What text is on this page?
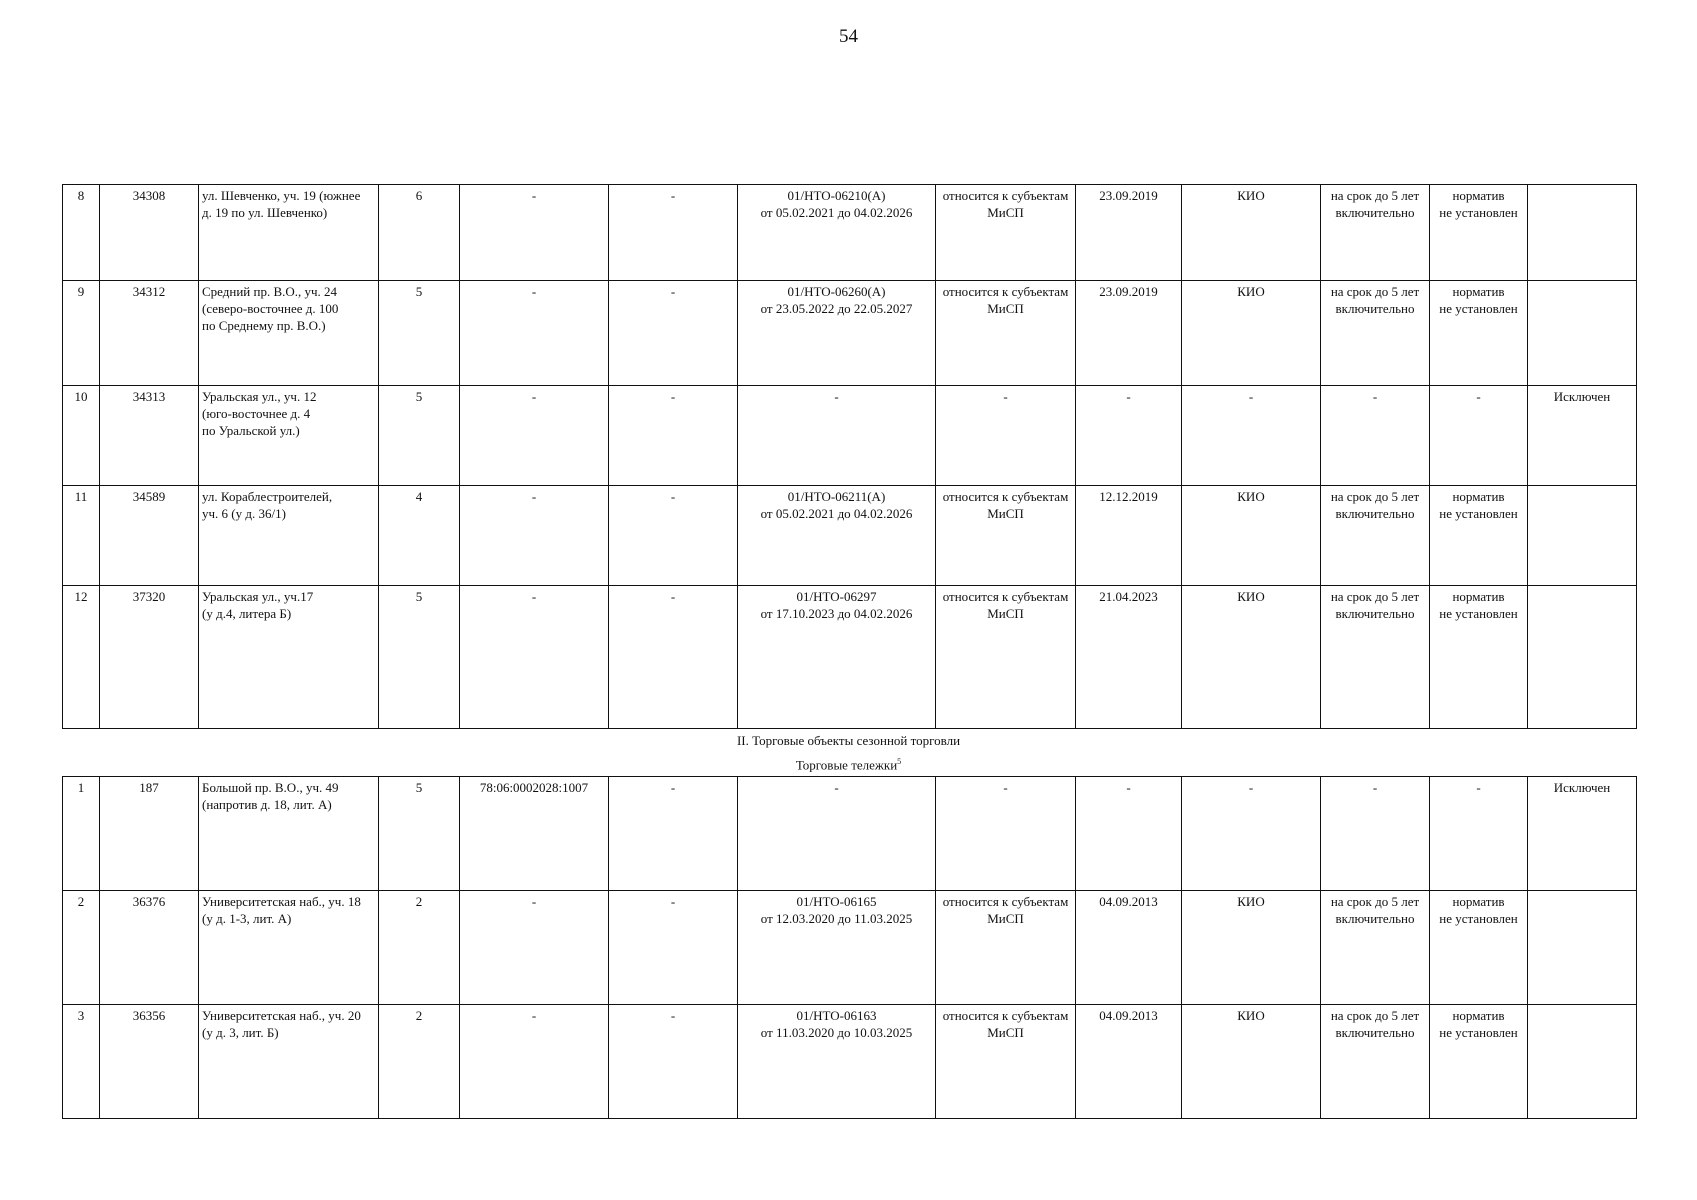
54
8	34308	ул. Шевченко, уч. 19 (южнее
д. 19 по ул. Шевченко)	6	-	-	01/НТО-06210(А)
от 05.02.2021 до 04.02.2026	относится к субъектам
МиСП	23.09.2019	КИО	на срок до 5 лет
включительно	норматив
не установлен	
9	34312	Средний пр. В.О., уч. 24
(северо-восточнее д. 100
по Среднему пр. В.О.)	5	-	-	01/НТО-06260(А)
от 23.05.2022 до 22.05.2027	относится к субъектам
МиСП	23.09.2019	КИО	на срок до 5 лет
включительно	норматив
не установлен	
10	34313	Уральская ул., уч. 12
(юго-восточнее д. 4
по Уральской ул.)	5	-	-	-	-	-	-	-	-	Исключен
11	34589	ул. Кораблестроителей,
уч. 6 (у д. 36/1)	4	-	-	01/НТО-06211(А)
от 05.02.2021 до 04.02.2026	относится к субъектам
МиСП	12.12.2019	КИО	на срок до 5 лет
включительно	норматив
не установлен	
12	37320	Уральская ул., уч.17
(у д.4, литера Б)	5	-	-	01/НТО-06297
от 17.10.2023 до 04.02.2026	относится к субъектам
МиСП	21.04.2023	КИО	на срок до 5 лет
включительно	норматив
не установлен	
II. Торговые объекты сезонной торговли
Торговые тележки$^5$
1	187	Большой пр. В.О., уч. 49
(напротив д. 18, лит. А)	5	78:06:0002028:1007	-	-	-	-	-	-	-	Исключен
2	36376	Университетская наб., уч. 18
(у д. 1-3, лит. А)	2	-	-	01/НТО-06165
от 12.03.2020 до 11.03.2025	относится к субъектам
МиСП	04.09.2013	КИО	на срок до 5 лет
включительно	норматив
не установлен	
3	36356	Университетская наб., уч. 20
(у д. 3, лит. Б)	2	-	-	01/НТО-06163
от 11.03.2020 до 10.03.2025	относится к субъектам
МиСП	04.09.2013	КИО	на срок до 5 лет
включительно	норматив
не установлен	
